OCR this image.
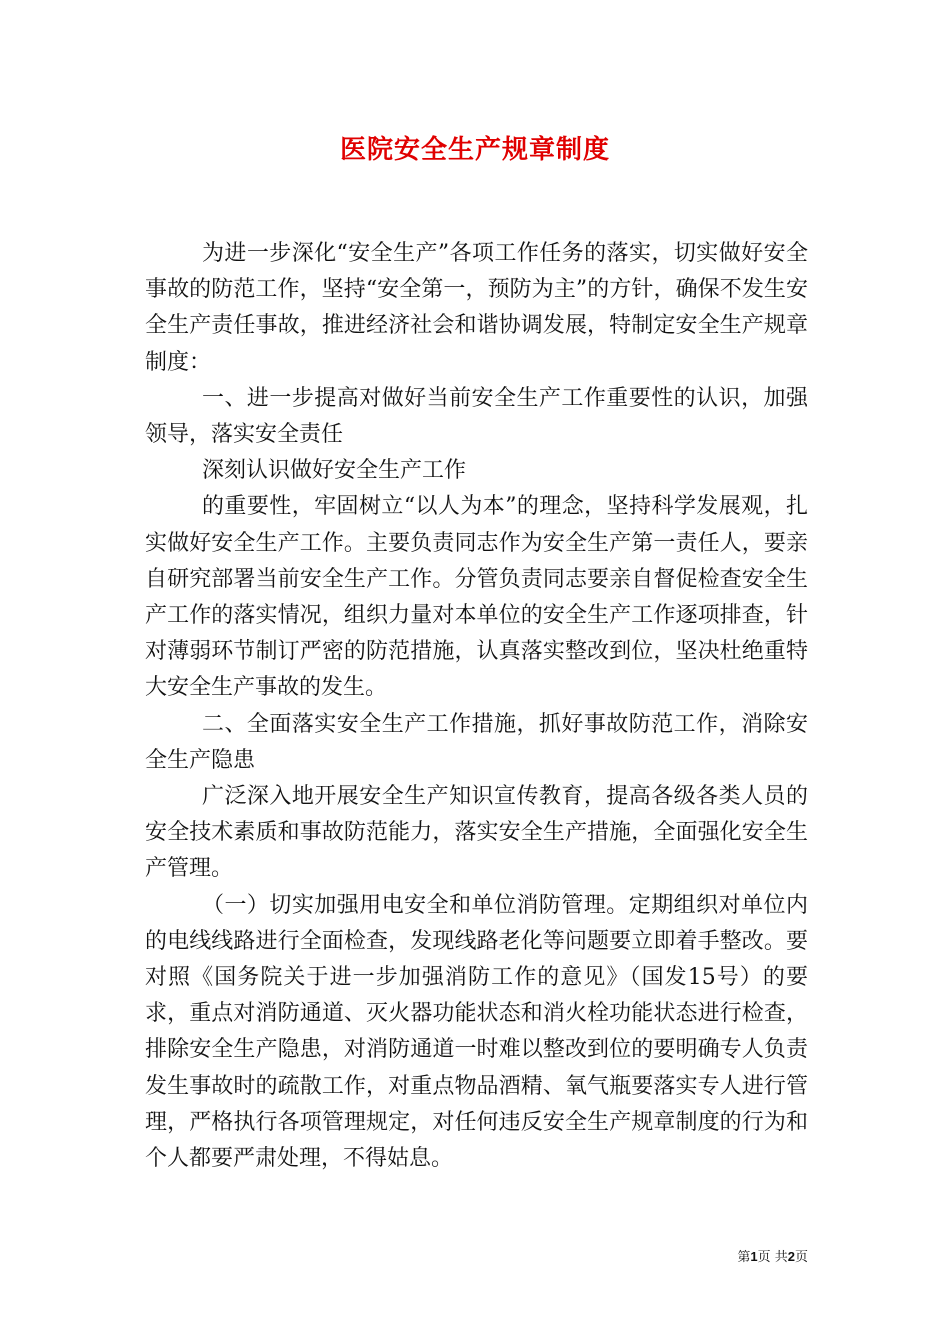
医院安全生产规章制度

为进一步深化“安全生产”各项工作任务的落实，切实做好安全事故的防范工作，坚持“安全第一，预防为主”的方针，确保不发生安全生产责任事故，推进经济社会和谐协调发展，特制定安全生产规章制度：

一、进一步提高对做好当前安全生产工作重要性的认识，加强领导，落实安全责任

深刻认识做好安全生产工作

的重要性，牢固树立“以人为本”的理念，坚持科学发展观，扎实做好安全生产工作。主要负责同志作为安全生产第一责任人，要亲自研究部署当前安全生产工作。分管负责同志要亲自督促检查安全生产工作的落实情况，组织力量对本单位的安全生产工作逐项排查，针对薄弱环节制订严密的防范措施，认真落实整改到位，坚决杜绝重特大安全生产事故的发生。

二、全面落实安全生产工作措施，抓好事故防范工作，消除安全生产隐患

广泛深入地开展安全生产知识宣传教育，提高各级各类人员的安全技术素质和事故防范能力，落实安全生产措施，全面强化安全生产管理。

（一）切实加强用电安全和单位消防管理。定期组织对单位内的电线线路进行全面检查，发现线路老化等问题要立即着手整改。要对照《国务院关于进一步加强消防工作的意见》（国发15号）的要求，重点对消防通道、灭火器功能状态和消火栓功能状态进行检查，排除安全生产隐患，对消防通道一时难以整改到位的要明确专人负责发生事故时的疏散工作，对重点物品酒精、氧气瓶要落实专人进行管理，严格执行各项管理规定，对任何违反安全生产规章制度的行为和个人都要严肃处理，不得姑息。

第1页 共2页
